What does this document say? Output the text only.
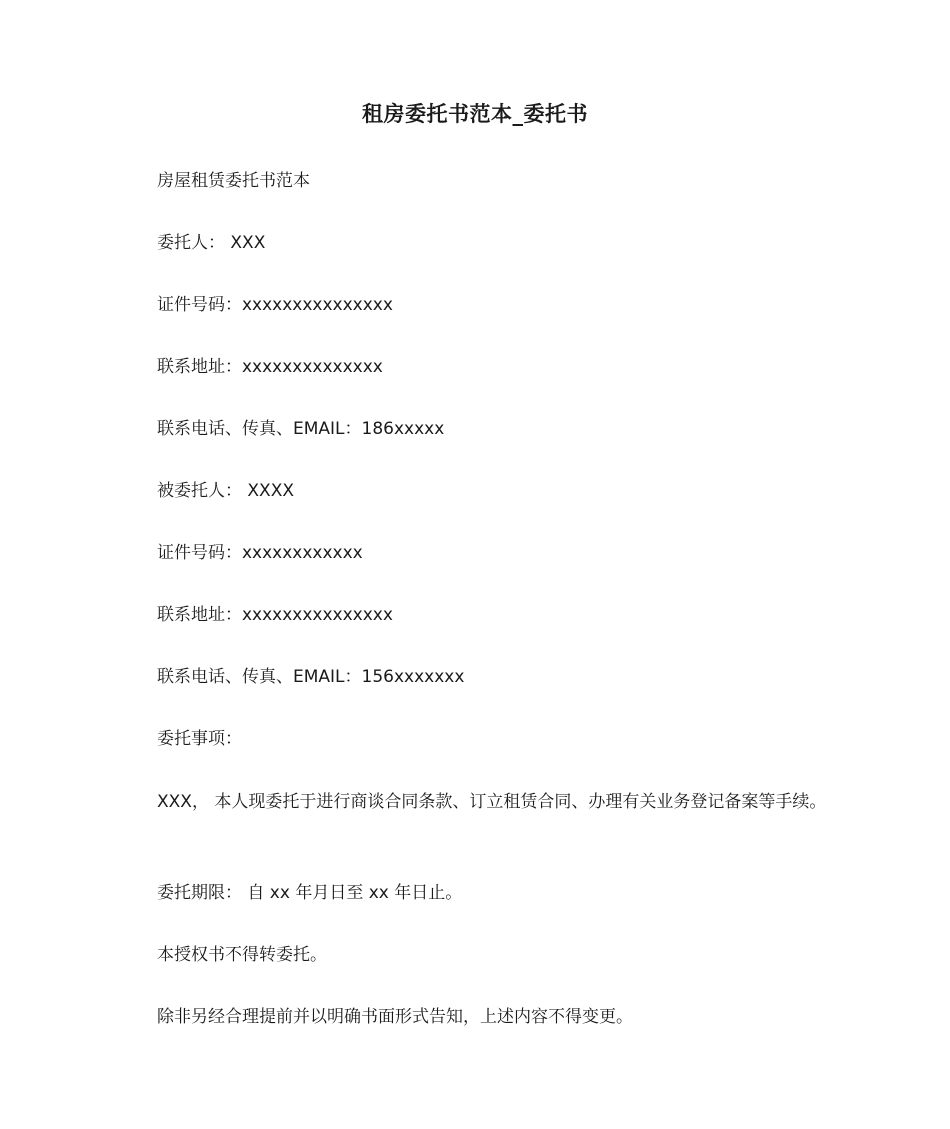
租房委托书范本_委托书
房屋租赁委托书范本
委托人： XXX
证件号码：xxxxxxxxxxxxxxx
联系地址：xxxxxxxxxxxxxx
联系电话、传真、EMAIL：186xxxxx
被委托人： XXXX
证件号码：xxxxxxxxxxxx
联系地址：xxxxxxxxxxxxxxx
联系电话、传真、EMAIL：156xxxxxxx
委托事项：
XXX， 本人现委托于进行商谈合同条款、订立租赁合同、办理有关业务登记备案等手续。
委托期限： 自 xx 年月日至 xx 年日止。
本授权书不得转委托。
除非另经合理提前并以明确书面形式告知，上述内容不得变更。
